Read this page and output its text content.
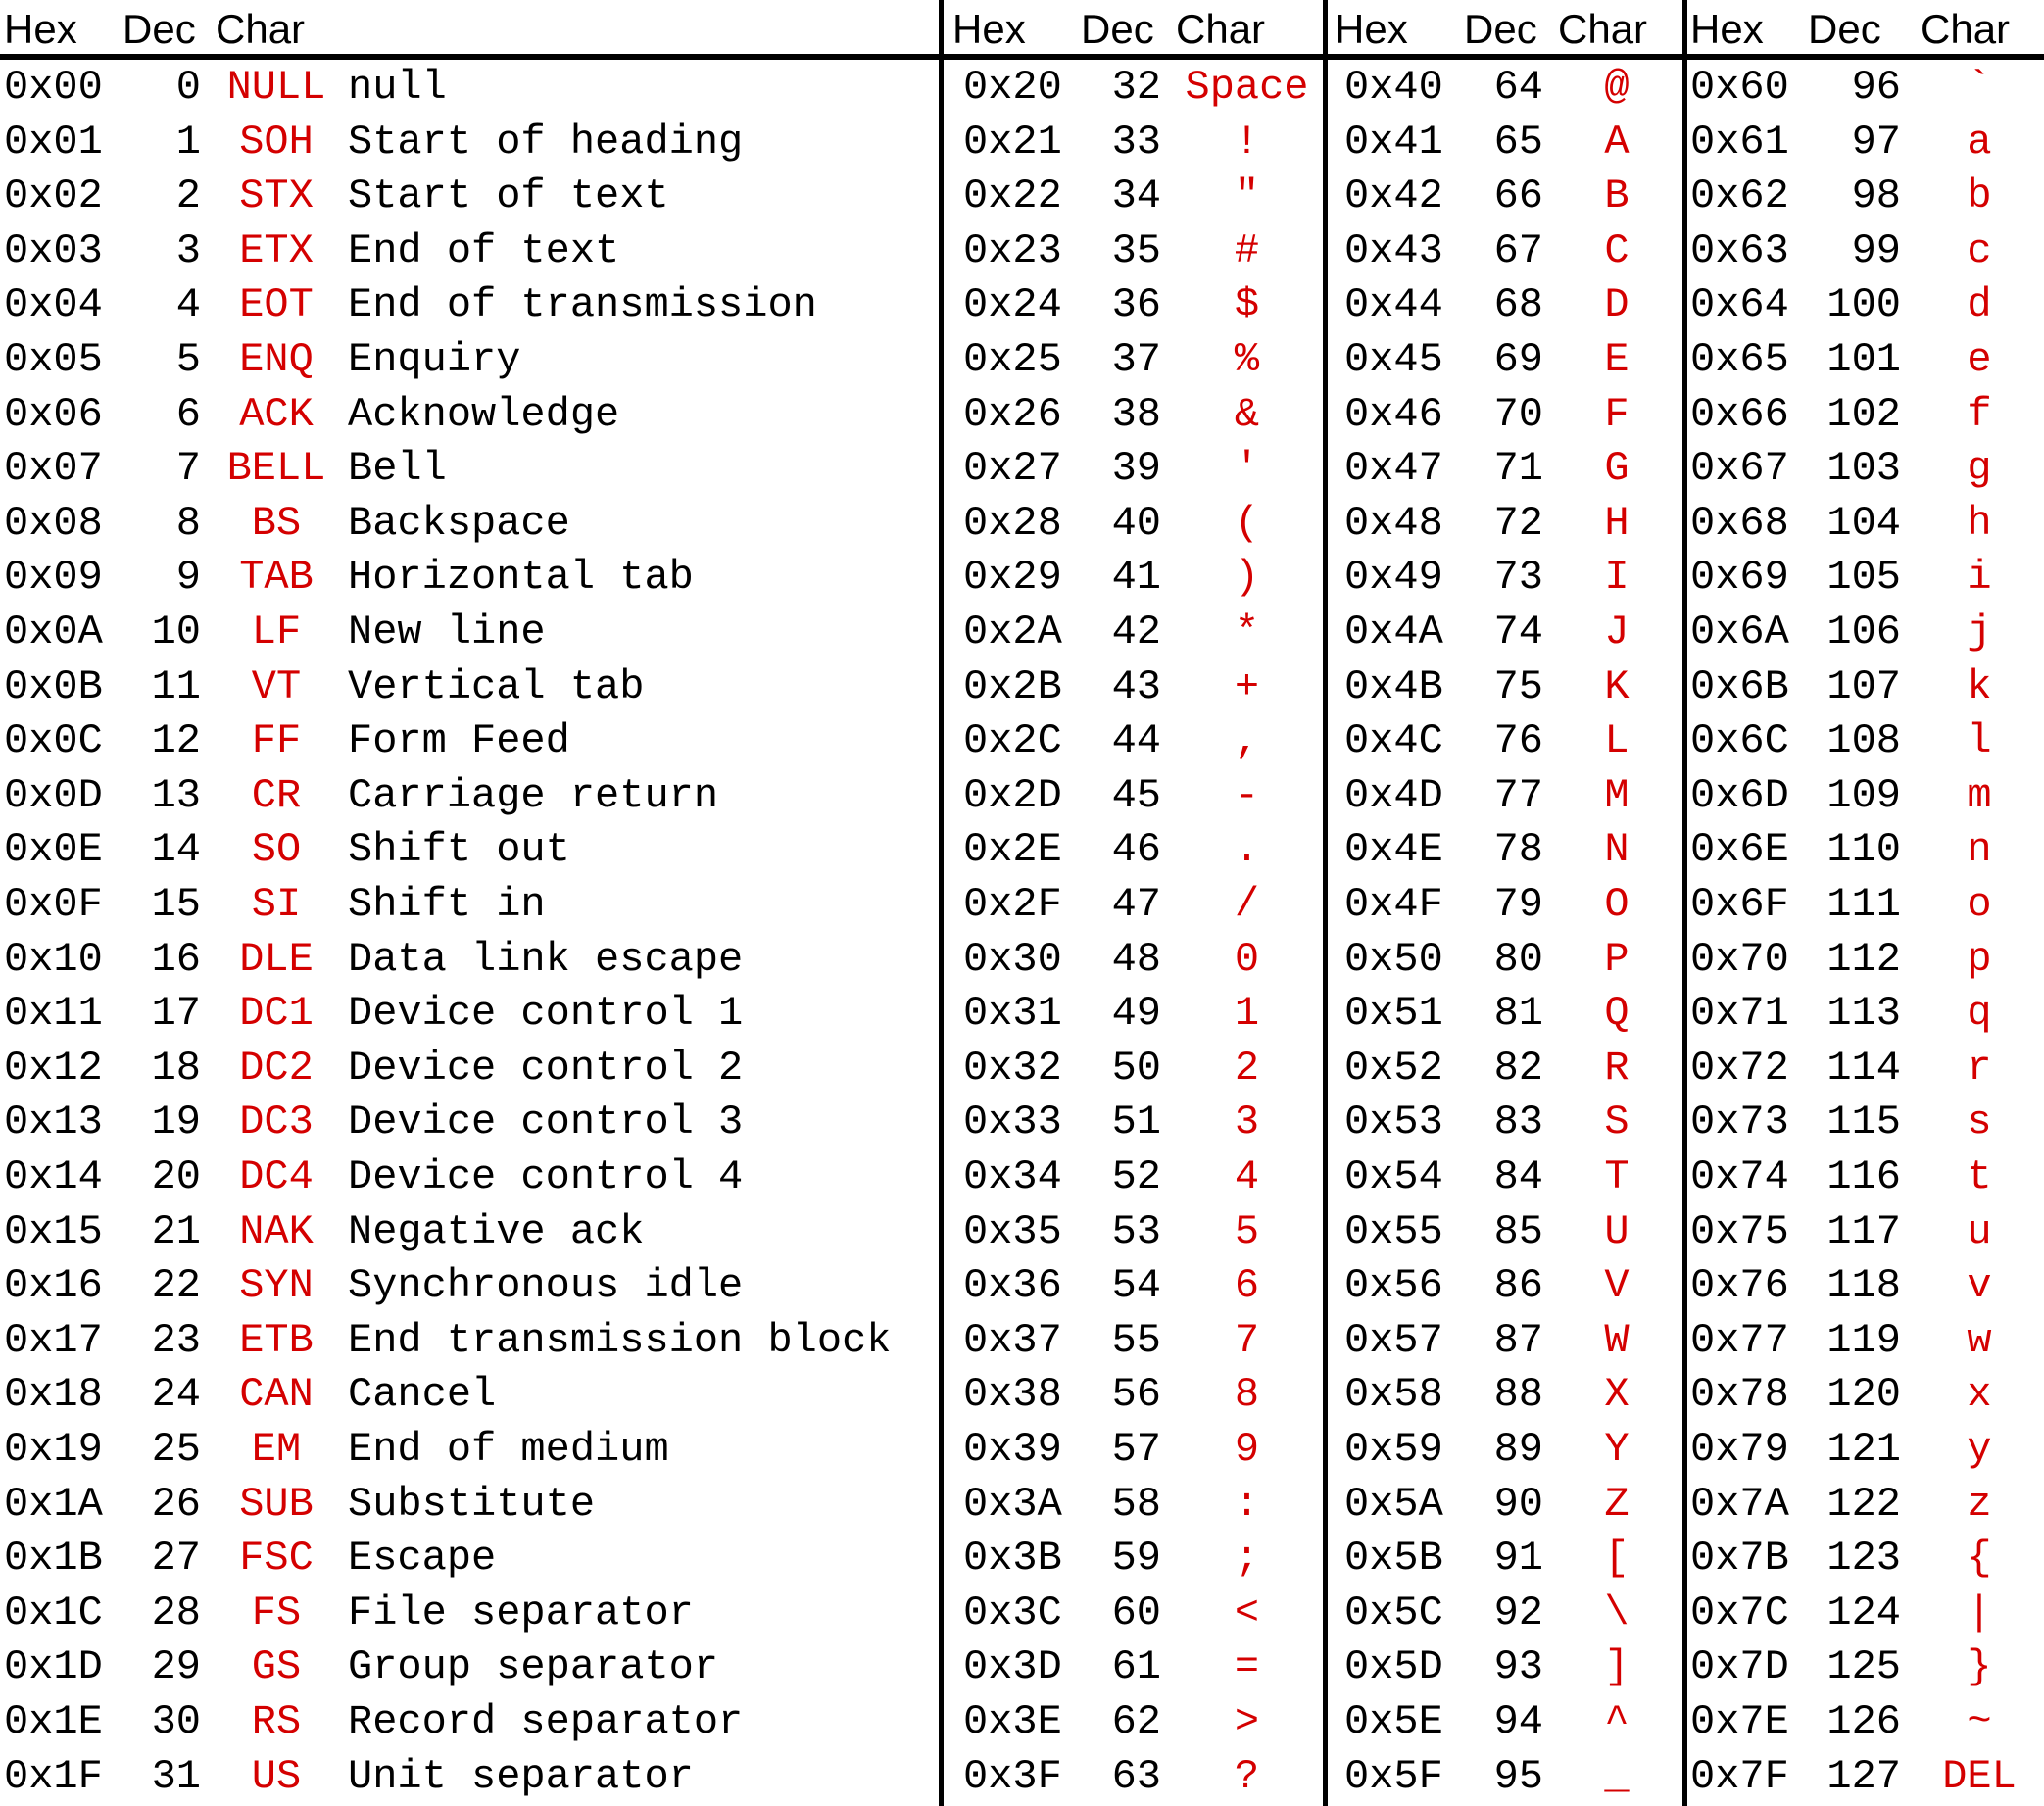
Hex	Dec Char	Hex	Dec Char	Hex	Dec Char	Hex	Dec Char
0x00	0 NULL null
0x01	1 SOH Start of heading
0x02	2 STX Start of text
0x03	3 ETX End of text
0x04	4 EOT End of transmission
0x05	5 ENQ Enquiry
0x06	6 ACK Acknowledge
0x07	7 BELL Bell
0x08	8	BS	Backspace
0x09	9 TAB Horizontal tab
0x0A	10	LF	New line
0x0B	11	VT	Vertical tab
0x0C	12	FF	Form Feed
0x0D	13	CR	Carriage return
0x0E	14	SO	Shift out
0x0F	15	SI	Shift in
0x10	16 DLE Data link escape
0x11	17 DC1 Device control 1
0x12	18 DC2 Device control 2
0x13	19 DC3 Device control 3
0x14	20 DC4 Device control 4
0x15	21 NAK Negative ack
0x16	22 SYN Synchronous idle
0x17	23 ETB End transmission block
0x18	24 CAN Cancel
0x19	25	EM	End of medium
0x1A	26 SUB Substitute
0x1B	27 FSC Escape
0x1C	28	FS	File separator
0x1D	29	GS	Group separator
0x1E	30	RS	Record separator
0x1F	31	US	Unit separator
0x20	32 Space
0x21	33	!
0x22	34	"
0x23	35	#
0x24	36	$
0x25	37	%
0x26	38	&
0x27	39	'
0x28	40	(
0x29	41	)
0x2A	42	*
0x2B	43	+
0x2C	44	,
0x2D	45	-
0x2E	46	.
0x2F	47	/
0x30	48	0
0x31	49	1
0x32	50	2
0x33	51	3
0x34	52	4
0x35	53	5
0x36	54	6
0x37	55	7
0x38	56	8
0x39	57	9
0x3A	58	:
0x3B	59	;
0x3C	60	<
0x3D	61	=
0x3E	62	>
0x3F	63	?
0x40	64	@
0x41	65	A
0x42	66	B
0x43	67	C
0x44	68	D
0x45	69	E
0x46	70	F
0x47	71	G
0x48	72	H
0x49	73	I
0x4A	74	J
0x4B	75	K
0x4C	76	L
0x4D	77	M
0x4E	78	N
0x4F	79	O
0x50	80	P
0x51	81	Q
0x52	82	R
0x53	83	S
0x54	84	T
0x55	85	U
0x56	86	V
0x57	87	W
0x58	88	X
0x59	89	Y
0x5A	90	Z
0x5B	91	[
0x5C	92	\
0x5D	93	]
0x5E	94	^
0x5F	95	_
0x60	96	`
0x61	97	a
0x62	98	b
0x63	99	c
0x64 100	d
0x65 101	e
0x66 102	f
0x67 103	g
0x68 104	h
0x69 105	i
0x6A 106	j
0x6B 107	k
0x6C 108	l
0x6D 109	m
0x6E 110	n
0x6F 111	o
0x70 112	p
0x71 113	q
0x72 114	r
0x73 115	s
0x74 116	t
0x75 117	u
0x76 118	v
0x77 119	w
0x78 120	x
0x79 121	y
0x7A 122	z
0x7B 123	{
0x7C 124	|
0x7D 125	}
0x7E 126	~
0x7F 127 DEL
